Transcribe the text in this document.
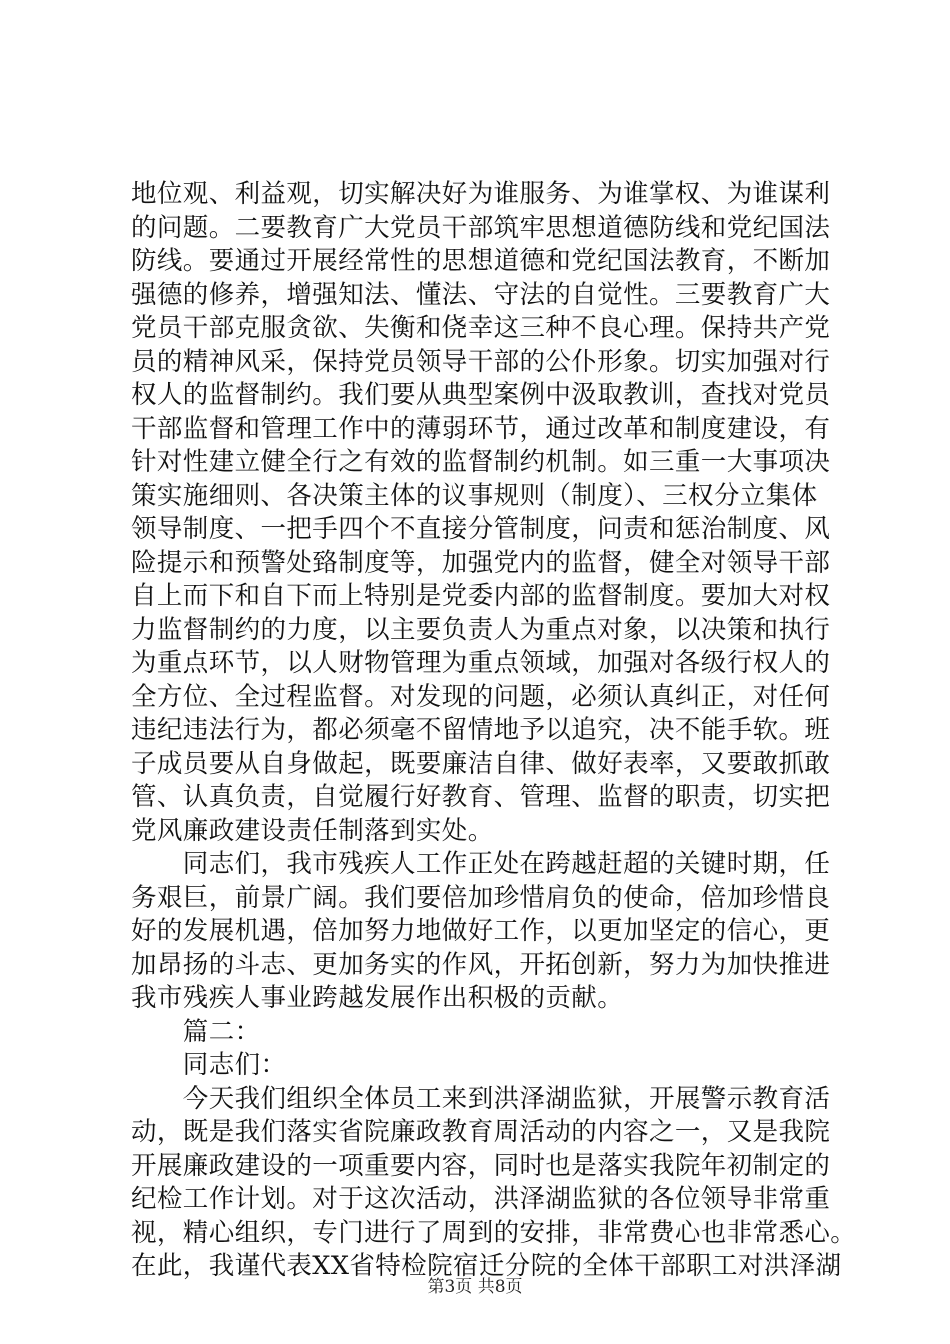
地位观、利益观，切实解决好为谁服务、为谁掌权、为谁谋利
的问题。二要教育广大党员干部筑牢思想道德防线和党纪国法
防线。要通过开展经常性的思想道德和党纪国法教育，不断加
强德的修养，增强知法、懂法、守法的自觉性。三要教育广大
党员干部克服贪欲、失衡和侥幸这三种不良心理。保持共产党
员的精神风采，保持党员领导干部的公仆形象。切实加强对行
权人的监督制约。我们要从典型案例中汲取教训，查找对党员
干部监督和管理工作中的薄弱环节，通过改革和制度建设，有
针对性建立健全行之有效的监督制约机制。如三重一大事项决
策实施细则、各决策主体的议事规则（制度）、三权分立集体
领导制度、一把手四个不直接分管制度，问责和惩治制度、风
险提示和预警处臵制度等，加强党内的监督，健全对领导干部
自上而下和自下而上特别是党委内部的监督制度。要加大对权
力监督制约的力度，以主要负责人为重点对象，以决策和执行
为重点环节，以人财物管理为重点领域，加强对各级行权人的
全方位、全过程监督。对发现的问题，必须认真纠正，对任何
违纪违法行为，都必须毫不留情地予以追究，决不能手软。班
子成员要从自身做起，既要廉洁自律、做好表率，又要敢抓敢
管、认真负责，自觉履行好教育、管理、监督的职责，切实把
党风廉政建设责任制落到实处。
　　同志们，我市残疾人工作正处在跨越赶超的关键时期，任
务艰巨，前景广阔。我们要倍加珍惜肩负的使命，倍加珍惜良
好的发展机遇，倍加努力地做好工作，以更加坚定的信心，更
加昂扬的斗志、更加务实的作风，开拓创新，努力为加快推进
我市残疾人事业跨越发展作出积极的贡献。
　　篇二：
　　同志们：
　　今天我们组织全体员工来到洪泽湖监狱，开展警示教育活
动，既是我们落实省院廉政教育周活动的内容之一，又是我院
开展廉政建设的一项重要内容，同时也是落实我院年初制定的
纪检工作计划。对于这次活动，洪泽湖监狱的各位领导非常重
视，精心组织，专门进行了周到的安排，非常费心也非常悉心。
在此，我谨代表XX省特检院宿迁分院的全体干部职工对洪泽湖
第3页 共8页
